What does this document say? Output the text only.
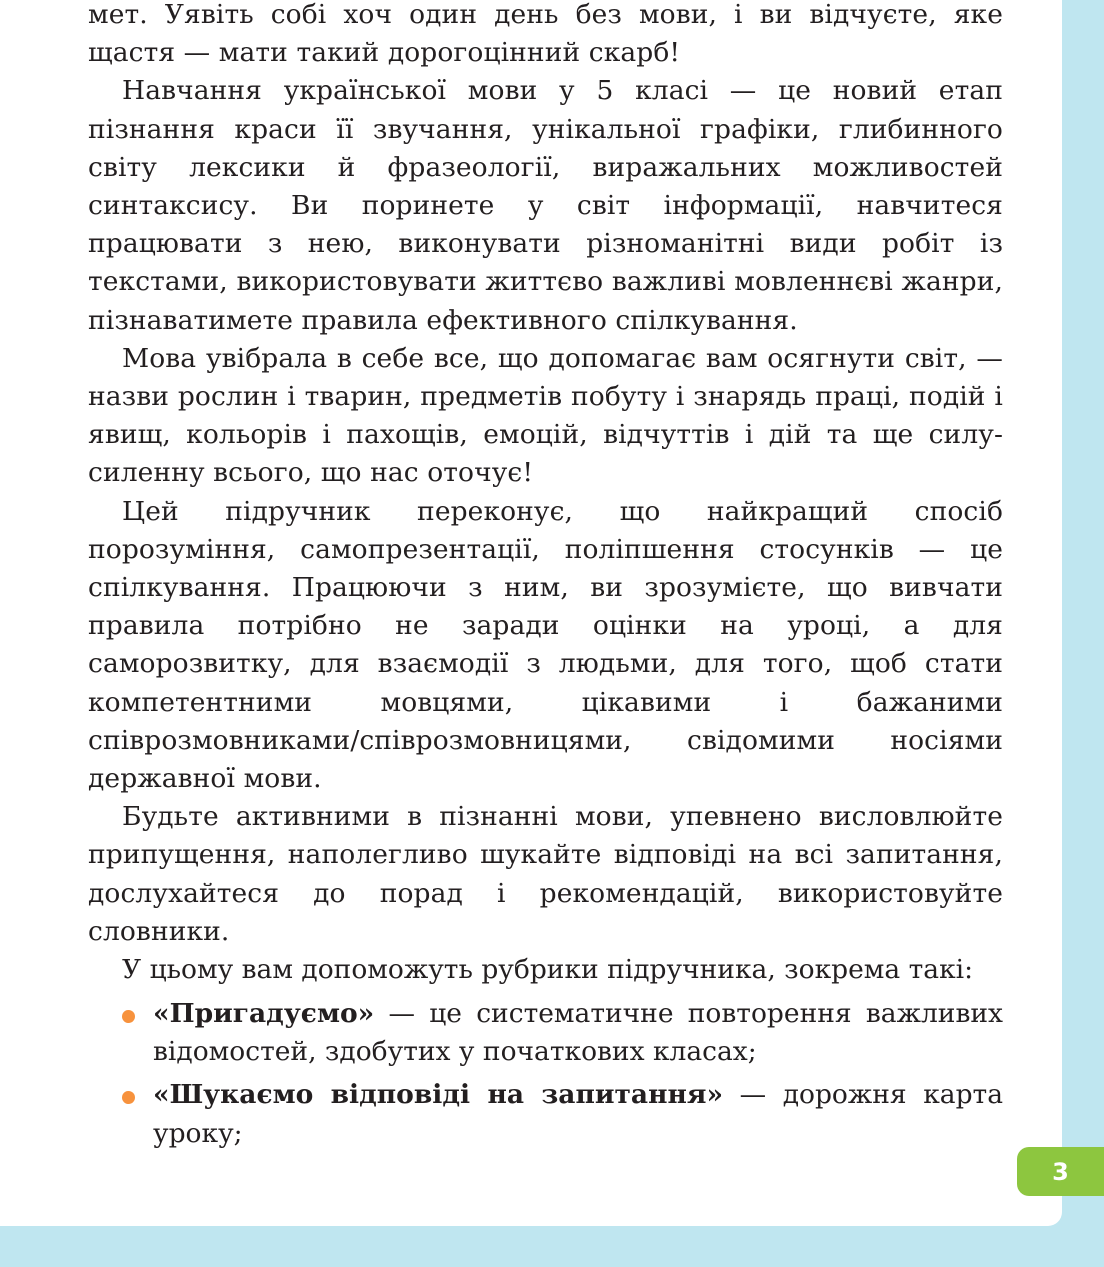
мет. Уявіть собі хоч один день без мови, і ви відчуєте, яке щастя — мати такий дорогоцінний скарб!

Навчання української мови у 5 класі — це новий етап пізнання краси її звучання, унікальної графіки, глибинного світу лексики й фразеології, виражальних можливостей синтаксису. Ви поринете у світ інформації, навчитеся працювати з нею, виконувати різноманітні види робіт із текстами, використовувати життєво важливі мовленнєві жанри, пізнаватимете правила ефективного спілкування.

Мова увібрала в себе все, що допомагає вам осягнути світ, — назви рослин і тварин, предметів побуту і знарядь праці, подій і явищ, кольорів і пахощів, емоцій, відчуттів і дій та ще силу-силенну всього, що нас оточує!

Цей підручник переконує, що найкращий спосіб порозуміння, самопрезентації, поліпшення стосунків — це спілкування. Працюючи з ним, ви зрозумієте, що вивчати правила потрібно не заради оцінки на уроці, а для саморозвитку, для взаємодії з людьми, для того, щоб стати компетентними мовцями, цікавими і бажаними співрозмовниками/співрозмовницями, свідомими носіями державної мови.

Будьте активними в пізнанні мови, упевнено висловлюйте припущення, наполегливо шукайте відповіді на всі запитання, дослухайтеся до порад і рекомендацій, використовуйте словники.

У цьому вам допоможуть рубрики підручника, зокрема такі:

«Пригадуємо» — це систематичне повторення важливих відомостей, здобутих у початкових класах;
«Шукаємо відповіді на запитання» — дорожня карта уроку;
3
